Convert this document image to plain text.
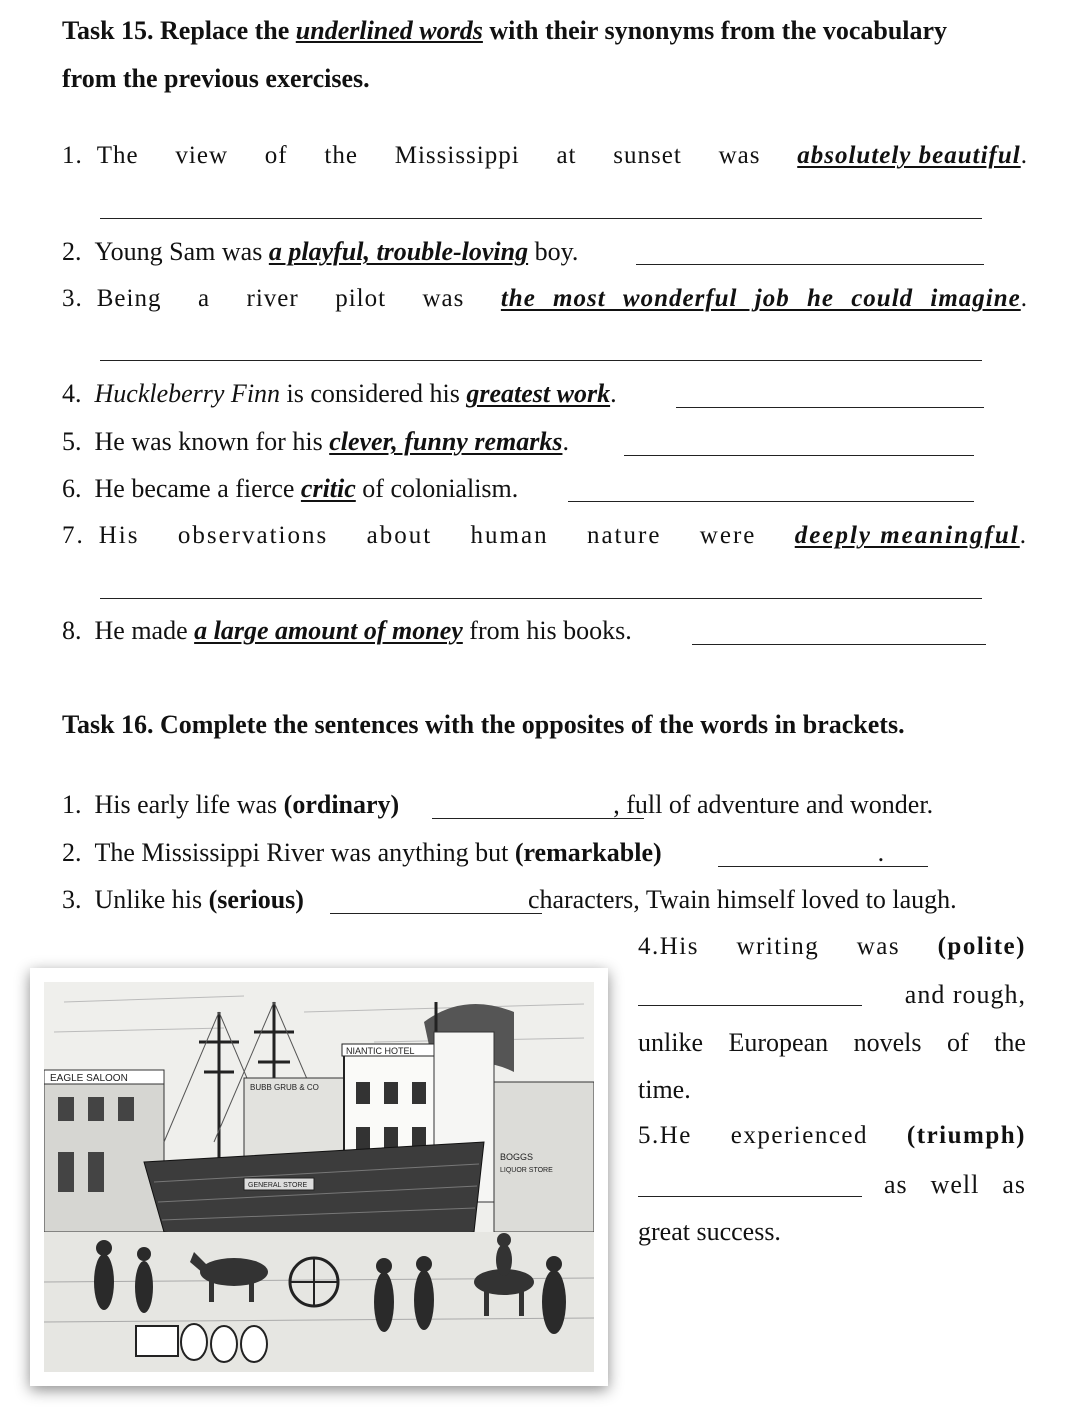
Task 15. Replace the underlined words with their synonyms from the vocabulary
from the previous exercises.
1. The view of the Mississippi at sunset was absolutely beautiful.
2. Young Sam was a playful, trouble-loving boy.
3. Being a river pilot was the most wonderful job he could imagine.
4. Huckleberry Finn is considered his greatest work.
5. He was known for his clever, funny remarks.
6. He became a fierce critic of colonialism.
7. His observations about human nature were deeply meaningful.
8. He made a large amount of money from his books.
Task 16. Complete the sentences with the opposites of the words in brackets.
1. His early life was (ordinary)	, full of adventure and wonder.
2. The Mississippi River was anything but (remarkable)	.
3. Unlike his (serious)	characters, Twain himself loved to laugh.
4.His writing was (polite)
and rough,
unlike European novels of the
time.
5.He experienced (triumph)
as well as
great success.
EAGLE SALOON
BUBB GRUB & CO
NIANTIC HOTEL
BOGGS
LIQUOR STORE
GENERAL STORE
